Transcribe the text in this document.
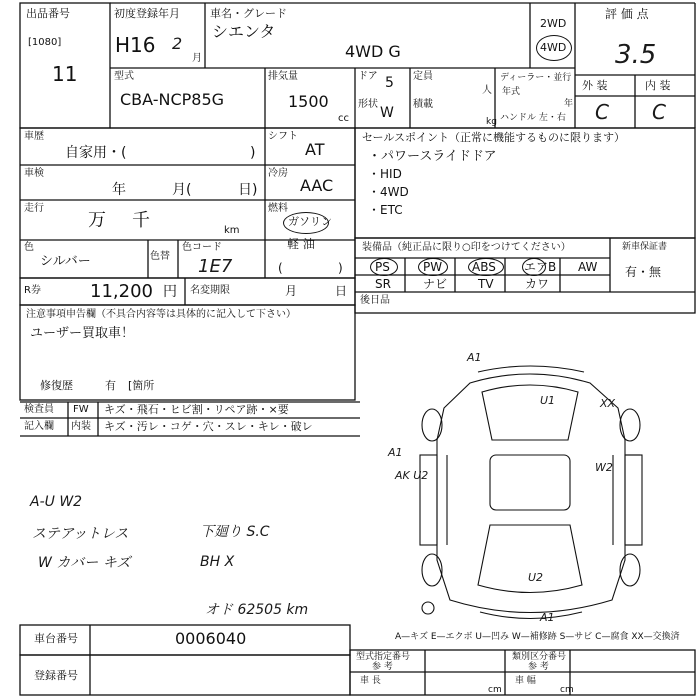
出品番号
[1080]
11
初度登録年月
H16 2
月
車名・グレード
シエンタ
4WD G
2WD
4WD
評 価 点
3.5
外 装	内 装
C C
型式
CBA-NCP85G
排気量
1500
cc
ドア 5
形状
W
定員
人
積載
kg
ディーラー・並行
年式
年
ハンドル 左・右
車歴
自家用・(	)
車検
年	月(	日)
走行
万 千	km
色
シルバー	色替
色コード
1E7
R券	11,200 円 名変期限	月	日
シフト
AT
冷房
AAC
燃料
ガソリン
軽 油
(	)
セールスポイント（正常に機能するものに限ります）
・パワースライドドア
・HID
・4WD
・ETC
装備品（純正品に限り○印をつけてください）	新車保証書
有・無
PS	PW ABS エアB AW
SR	ナビ	TV	カワ
後日品
注意事項申告欄（不具合内容等は具体的に記入して下さい）
ユーザー買取車！
修復歴	有 [箇所
検査員
記入欄
FW キズ・飛石・ヒビ割・リペア跡・×要
内装 キズ・汚レ・コゲ・穴・スレ・キレ・破レ
A-U W2
ステアットレス
W カバー キズ
下廻り S.C
BH X
オド 62505 km
A1
U1	XX
A1
AK U2
W2
U2
A1
A—キズ E—エクボ U—凹み W—補修跡 S—サビ C—腐食 XX—交換済
車台番号	0006040
登録番号
型式指定番号
参 考
類別区分番号
参 考
車 長
cm
車 幅
cm
